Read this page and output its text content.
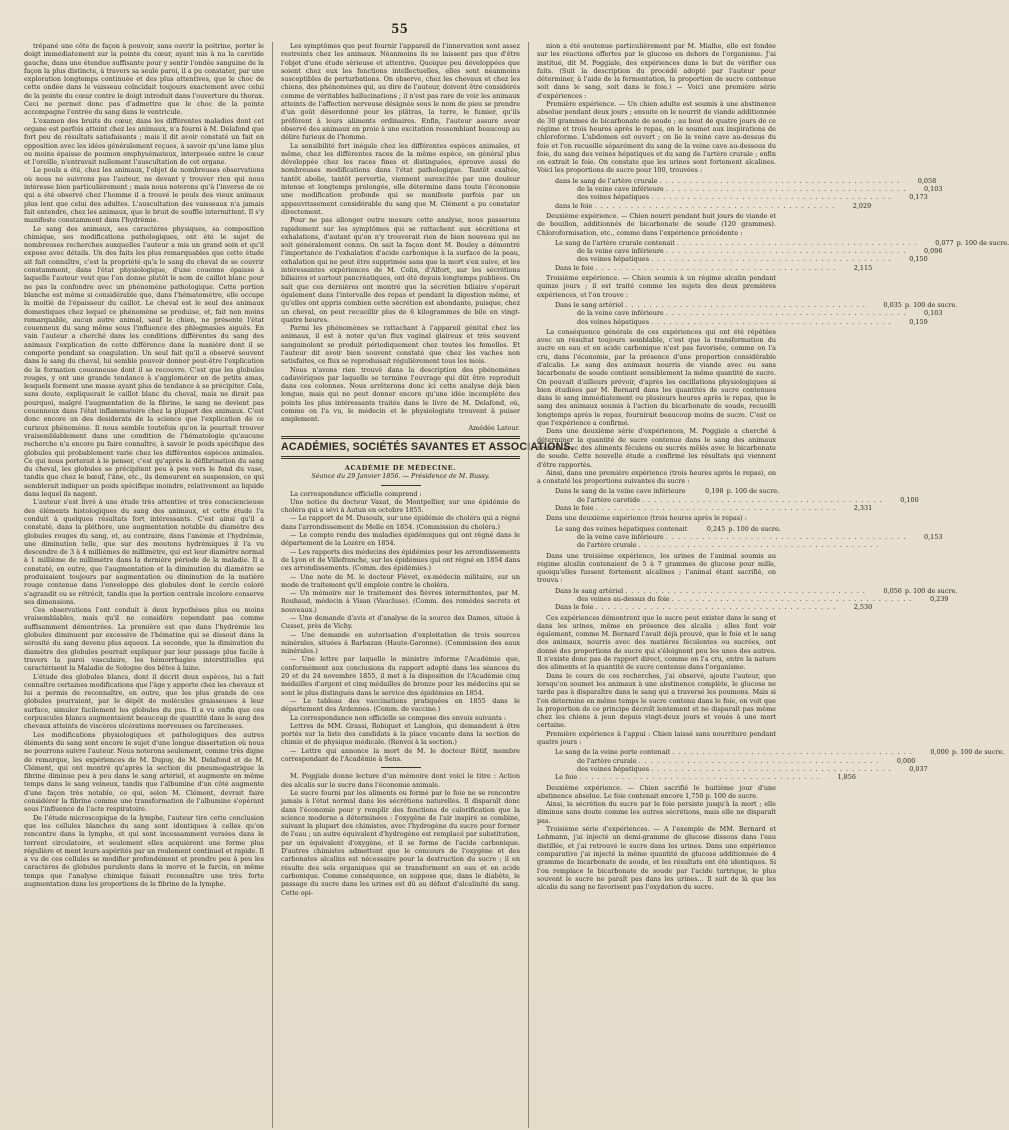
55

trépané une côte de façon à pouvoir, sans ouvrir la poitrine, porter le doigt immédiatement sur la pointe du cœur, ayant mis à nu la carotide gauche, dans une étendue suffisante pour y sentir l'ondée sanguine de la façon la plus distincte, à travers sa seule paroi, il a pu constater, par une exploration longtemps continuée et des plus attentives, que le choc de cette ondée dans le vaisseau coïncidait toujours exactement avec celui de la pointe du cœur contre le doigt introduit dans l'ouverture du thorax. Ceci ne permet donc pas d'admettre que le choc de la pointe accompagne l'entrée du sang dans le ventricule.

L'examen des bruits du cœur, dans les différentes maladies dont cet organe est parfois atteint chez les animaux, n'a fourni à M. Delafond que fort peu de résultats satisfaisants ; mais il dit avoir constaté un fait en opposition avec les idées généralement reçues, à savoir qu'une lame plus ou moins épaisse de poumon emphysémateux, interposée entre le cœur et l'oreille, n'entravait nullement l'auscultation de cet organe.

Le pouls a été, chez les animaux, l'objet de nombreuses observations où nous ne suivrons pas l'auteur, ne devant y trouver rien qui nous intéresse bien particulièrement ; mais nous noterons qu'à l'inverse de ce qui a été observé chez l'homme il a trouvé le pouls des vieux animaux plus lent que celui des adultes. L'auscultation des vaisseaux n'a jamais fait entendre, chez les animaux, que le bruit de souffle intermittent. Il s'y manifeste constamment dans l'hydrémie.

Le sang des animaux, ses caractères physiques, sa composition chimique, ses modifications pathologiques, ont été le sujet de nombreuses recherches auxquelles l'auteur a mis un grand soin et qu'il expose avec détails. Un des faits les plus remarquables que cette étude ait fait connaître, c'est la propriété qu'a le sang du cheval de se couvrir constamment, dans l'état physiologique, d'une couenne épaisse à laquelle l'auteur veut que l'on donne plutôt le nom de caillot blanc pour ne pas la confondre avec un phénomène pathologique. Cette portion blanche est même si considérable que, dans l'hématomètre, elle occupe la moitié de l'épaisseur du caillot. Le cheval est le seul des animaux domestiques chez lequel ce phénomène se produise, et, fait non moins remarquable, aucun autre animal, sauf le chien, ne présente l'état couenneux du sang même sous l'influence des phlegmasies aiguës. En vain l'auteur a cherché dans les conditions différentes du sang des animaux l'explication de cette différence dans la manière dont il se comporte pendant sa coagulation. Un seul fait qu'il a observé souvent dans le sang du cheval, lui semble pouvoir donner peut-être l'explication de la formation couenneuse dont il se recouvre. C'est que les globules rouges, y ont une grande tendance à s'agglomérer en de petits amas, lesquels forment une masse ayant plus de tendance à se précipiter. Cela, sans doute, expliquerait le caillot blanc du cheval, mais ne dirait pas pourquoi, malgré l'augmentation de la fibrine, le sang ne devient pas couenneux dans l'état inflammatoire chez la plupart des animaux. C'est donc encore un des desiderata de la science que l'explication de ce curieux phénomène. Il nous semble toutefois qu'on la pourrait trouver vraisemblablement dans une condition de l'hématologie qu'aucune recherche n'a encore pu faire connaître, à savoir le poids spécifique des globules qui probablement varie chez les différentes espèces animales. Ce qui nous porterait à le penser, c'est qu'après la défibrination du sang du cheval, les globules se précipitent peu à peu vers le fond du vase, tandis que chez le bœuf, l'âne, etc., ils demeurent en suspension, ce qui semblerait indiquer un poids spécifique moindre, relativement au liquide dans lequel ils nagent.

L'auteur s'est livré à une étude très attentive et très consciencieuse des éléments histologiques du sang des animaux, et cette étude l'a conduit à quelques résultats fort intéressants. C'est ainsi qu'il a constaté, dans la pléthore, une augmentation notable du diamètre des globules rouges du sang, et, au contraire, dans l'anémie et l'hydrémie, une diminution telle, que sur des moutons hydrémiques il l'a vu descendre de 3 à 4 millièmes de millimètre, qui est leur diamètre normal à 1 millième de millimètre dans la dernière période de la maladie. Il a constaté, en outre, que l'augmentation et la diminution du diamètre se produisaient toujours par augmentation ou diminution de la matière rouge contenue dans l'enveloppe des globules dont le cercle coloré s'agrandit ou se rétrécit, tandis que la portion centrale incolore conserve ses dimensions.

Ces observations l'ont conduit à deux hypothèses plus ou moins vraisemblables, mais qu'il ne considère cependant pas comme suffisamment démontrées. La première est que dans l'hydrémie les globules diminuent par excessive de l'hématine qui se dissout dans la sérosité du sang devenu plus aqueux. La seconde, que la diminution du diamètre des globules pourrait expliquer par leur passage plus facile à travers la paroi vasculaire, les hémorrhagies interstitielles qui caractérisent la Maladie de Sologne des bêtes à laine.

L'étude des globules blancs, dont il décrit deux espèces, lui a fait connaître certaines modifications que l'âge y apporte chez les chevaux et lui a permis de reconnaître, en outre, que les plus grands de ces globules pourraient, par le dépôt de molécules graisseuses à leur surface, simuler facilement les globules du pus. Il a vu enfin que ces corpuscules blancs augmentaient beaucoup de quantité dans le sang des chevaux atteints de viscères ulcérations morveuses ou farcineuses.

Les modifications physiologiques et pathologiques des autres éléments du sang sont encore le sujet d'une longue dissertation où nous ne pourrons suivre l'auteur. Nous noterons seulement, comme très digne de remarque, les expériences de M. Dupuy, de M. Delafond et de M. Clément, qui ont montré qu'après la section du pneumogastrique la fibrine diminue peu à peu dans le sang artériel, et augmente en même temps dans le sang veineux, tandis que l'albumine d'un côté augmente d'une façon très notable, ce qui, selon M. Clément, devrait faire considérer la fibrine comme une transformation de l'albumine s'opérant sous l'influence de l'acte respiratoire.

De l'étude microscopique de la lymphe, l'auteur tire cette conclusion que les cellules blanches du sang sont identiques à celles qu'on rencontre dans la lymphe, et qui sont incessamment versées dans le torrent circulatoire, et seulement elles acquièrent une forme plus régulière et ment leurs aspérités par un roulement continuel et rapide. Il a vu de ces cellules se modifier profondément et prendre peu à peu les caractères de globules purulents dans la morve et le farcin, en même temps que l'analyse chimique faisait reconnaître une très forte augmentation dans les proportions de la fibrine de la lymphe.

Les symptômes que peut fournir l'appareil de l'innervation sont assez restreints chez les animaux. Néanmoins ils ne laissent pas que d'être l'objet d'une étude sérieuse et attentive. Quoique peu développées que soient chez eux les fonctions intellectuelles, elles sont néanmoins susceptibles de perturbations. On observe, chez les chevaux et chez les chiens, des phénomènes qui, au dire de l'auteur, doivent être considérés comme de véritables hallucinations ; il n'est pas rare de voir les animaux atteints de l'affection nerveuse désignée sous le nom de pieu se prendre d'un goût désordonné pour les plâtras, la terre, le fumier, qu'ils préfèrent à leurs aliments ordinaires. Enfin, l'auteur assure avoir observé des animaux en proie à une excitation ressemblant beaucoup au délire furieux de l'homme.

La sensibilité fort inégale chez les différentes espèces animales, et même, chez les différentes races de la même espèce, en général plus développée chez les races fines et distinguées, éprouve aussi de nombreuses modifications dans l'état pathologique. Tantôt exaltée, tantôt abolie, tantôt pervertie, viennent surexcitée par une douleur intense et longtemps prolongée, elle détermine dans toute l'économie une modification profonde qui se manifeste parfois par un appauvrissement considérable du sang que M. Clément a pu constater directement.

Pour ne pas allonger outre mesure cette analyse, nous passerons rapidement sur les symptômes qui se rattachent aux sécrétions et exhalations, d'autant qu'on n'y trouverait rien de bien nouveau qui ne soit généralement connu. On sait la façon dont M. Bouley a démontré l'importance de l'exhalation d'acide carbonique à la surface de la peau, exhalation qui ne peut être supprimée sans que la mort s'en suive, et les intéressantes expériences de M. Colin, d'Alfort, sur les sécrétions biliaires et surtout pancréatiques, ont été depuis longtemps publiées. On sait que ces dernières ont montré que la sécrétion biliaire s'opérait également dans l'intervalle des repas et pendant la digestion même, et qu'elles ont appris combien cette sécrétion est abondante, puisque, chez un cheval, on peut recueillir plus de 6 kilogrammes de bile en vingt-quatre heures.

Parmi les phénomènes se rattachant à l'appareil génital chez les animaux, il est à noter qu'un flux vaginal glaireux et très souvent sanguinolent se produit périodiquement chez toutes les femelles. Et l'auteur dit avoir bien souvent constaté que chez les vaches non satisfaites, ce flux se reproduisait régulièrement tous les mois.

Nous n'avons rien trouvé dans la description des phénomènes cadavériques par laquelle se termine l'ouvrage qui dût être reproduit dans ces colonnes. Nous arrêterons donc ici cette analyse déjà bien longue, mais qui ne peut donner encore qu'une idée incomplète des points les plus intéressants traités dans le livre de M. Delafond, où, comme on l'a vu, le médecin et le physiologiste trouvent à puiser amplement.

Amédée Latour.

ACADÉMIES, SOCIÉTÉS SAVANTES ET ASSOCIATIONS.
ACADÉMIE DE MÉDECINE.
Séance du 29 Janvier 1856. — Présidence de M. Bussy.

La correspondance officielle comprend :

Une notice du docteur Vaxat, de Montpellier, sur une épidémie de choléra qui a sévi à Autun en octobre 1855.

— Le rapport de M. Dusoulx, sur une épidémie de choléra qui a régné dans l'arrondissement de Melle en 1854. (Commission du choléra.)

— Le compte rendu des maladies épidémiques qui ont régné dans le département de la Lozère en 1854.

— Les rapports des médecins des épidémies pour les arrondissements de Lyon et de Villefranche, sur les épidémies qui ont régné en 1854 dans ces arrondissements. (Comm. des épidémies.)

— Une note de M. le docteur Fièvet, ex-médecin militaire, sur un mode de traitement qu'il emploie contre le choléra.

— Un mémoire sur le traitement des fièvres intermittentes, par M. Rouhaud, médecin à Visan (Vaucluse). (Comm. des remèdes secrets et nouveaux.)

— Une demande d'avis et d'analyse de la source des Dames, située à Cusset, près de Vichy.

— Une demande en autorisation d'exploitation de trois sources minérales, situées à Barbazan (Haute-Garonne). (Commission des eaux minérales.)

— Une lettre par laquelle le ministre informe l'Académie que, conformément aux conclusions du rapport adopté dans les séances du 20 et du 24 novembre 1855, il met à la disposition de l'Académie cinq médailles d'argent et cinq médailles de bronze pour les médecins qui se sont le plus distingués dans le service des épidémies en 1854.

— Le tableau des vaccinations pratiquées en 1855 dans le département des Ardennes. (Comm. de vaccine.)

La correspondance non officielle se compose des envois suivants :

Lettres de MM. Grassi, Robiquet et Langlois, qui demandent à être portés sur la liste des candidats à la place vacante dans la section de chimie et de physique médicale. (Renvoi à la section.)

— Lettre qui annonce la mort de M. le docteur Rétif, membre correspondant de l'Académie à Sens.

M. Poggiale donne lecture d'un mémoire dont voici le titre : Action des alcalis sur le sucre dans l'économie animale.

Le sucre fourni par les aliments ou formé par le foie ne se rencontre jamais à l'état normal dans les sécrétions naturelles. Il disparaît donc dans l'économie pour y remplir des fonctions de calorification que la science moderne a déterminées : l'oxygène de l'air inspiré se combine, suivant la plupart des chimistes, avec l'hydrogène du sucre pour former de l'eau ; un autre équivalent d'hydrogène est remplacé par substitution, par un équivalent d'oxygène, et il se forme de l'acide carbonique. D'autres chimistes admettent que le concours de l'oxygène et des carbonates alcalins est nécessaire pour la destruction du sucre ; il en résulte des sels organiques qui se transforment en eau et en acide carbonique. Comme conséquence, on suppose que, dans le diabète, le passage du sucre dans les urines est dû au défaut d'alcalinité du sang. Cette opi-

nion a été soutenue particulièrement par M. Mialhe, elle est fondée sur les réactions offertes par le glucose en dehors de l'organisme. J'ai institué, dit M. Poggiale, des expériences dans le but de vérifier ces faits. (Suit la description du procédé adopté par l'auteur pour déterminer, à l'aide de la fermentation, la proportion de sucre contenue soit dans le sang, soit dans le foie.) — Voici une première série d'expériences :

Première expérience. — Un chien adulte est soumis à une abstinence absolue pendant deux jours ; ensuite on le nourrit de viande additionnée de 30 grammes de bicarbonate de soude ; au bout de quatre jours de ce régime et trois heures après le repas, on le soumet aux inspirations de chloroforme. L'abdomen est ouvert ; on lie la veine cave au-dessus du foie et l'on recueille séparément du sang de la veine cave au-dessous du foie, du sang des veines hépatiques et du sang de l'artère crurale ; enfin on extrait le foie. On constate que les urines sont fortement alcalines. Voici les proportions de sucre pour 100, trouvées :

dans le sang de l'artère crurale . . .	0,058
de la veine cave inférieure . . .	0,103
des veines hépatiques . . .	0,173
dans le foie . . .	2,029

Deuxième expérience. — Chien nourri pendant huit jours de viande et de bouillon, additionnés de bicarbonate de soude (120 grammes). Chloroformisation, etc., comme dans l'expérience précédente :

Le sang de l'artère crurale contenait . . .	0,077 p. 100 de sucre.
de la veine cave inférieure . . .	0,096
des veines hépatiques . . .	0,150
Dans le foie . . .	2,115

Troisième expérience. — Chien soumis à un régime alcalin pendant quinze jours ; il est traité comme les sujets des deux premières expériences, et l'on trouve :

Dans le sang artériel . . .	0,035 p. 100 de sucre.
de la veine cave inférieure . . .	0,103
des veines hépatiques . . .	0,159

La conséquence générale de ces expériences qui ont été répétées avec un résultat toujours semblable, c'est que la transformation du sucre en eau et en acide carbonique n'est pas favorisée, comme on l'a cru, dans l'économie, par la présence d'une proportion considérable d'alcalis. Le sang des animaux nourris de viande avec ou sans bicarbonate de soude contient sensiblement la même quantité de sucre. On pouvait d'ailleurs prévoir, d'après les oscillations physiologiques si bien étudiées par M. Bernard dans les quantités de sucre contenues dans le sang immédiatement ou plusieurs heures après le repas, que le sang des animaux soumis à l'action du bicarbonate de soude, recueilli longtemps après le repas, fournirait beaucoup moins de sucre. C'est ce que l'expérience a confirmé.

Dans une deuxième série d'expériences, M. Poggiale a cherché à déterminer la quantité de sucre contenue dans le sang des animaux nourris avec des aliments féculens ou sucrés mêlés avec le bicarbonate de soude. Cette nouvelle étude a confirmé les résultats qui viennent d'être rapportés.

Ainsi, dans une première expérience (trois heures après le repas), on a constaté les proportions suivantes du sucre :

Dans le sang de la veine cave inférieure	0,198 p. 100 de sucre.
de l'artère carotide . . .	0,100
Dans le foie . . .	2,331

Dans une deuxième expérience (trois heures après le repas) :

Le sang des veines hépatiques contenait	0,245 p. 100 de sucre.
de la veine cave inférieure . . .	0,153
de l'artère crurale
. . .

Dans une troisième expérience, les urines de l'animal soumis au régime alcalin contenaient de 5 à 7 grammes de glucose pour mille, quoiqu'elles fussent fortement alcalines ; l'animal étant sacrifié, on trouva :

Dans le sang artériel . . .	0,056 p. 100 de sucre.
des veines au-dessus du foie . . .	0,239
Dans le foie . . .	2,530

Ces expériences démontrent que le sucre peut exister dans le sang et dans les urines, même en présence des alcalis ; elles font voir également, comme M. Bernard l'avait déjà prouvé, que le foie et le sang des animaux, nourris avec des matières féculentes ou sucrées, ont donné des proportions de sucre qui s'éloignent peu les unes des autres. Il n'existe donc pas de rapport direct, comme on l'a cru, entre la nature des aliments et la quantité de sucre contenue dans l'organisme.

Dans le cours de ces recherches, j'ai observé, ajoute l'auteur, que lorsqu'on soumet les animaux à une abstinence complète, le glucose ne tarde pas à disparaître dans le sang qui a traversé les poumons. Mais si l'on détermine en même temps le sucre contenu dans le foie, on voit que la proportion de ce principe décroît lentement et ne disparaît pas même chez les chiens à jeun depuis vingt-deux jours et voués à une mort certaine.

Première expérience à l'appui : Chien laissé sans nourriture pendant quatre jours :

Le sang de la veine porte contenait . . .	0,000 p. 100 de sucre.
de l'artère crurale . . .	0,000
des veines hépatiques . . .	0,037
Le foie . . .	1,856

Deuxième expérience. — Chien sacrifié le huitième jour d'une abstinence absolue. Le foie contenait encore 1,750 p. 100 de sucre.

Ainsi, la sécrétion du sucre par le foie persiste jusqu'à la mort ; elle diminue sans doute comme les autres sécrétions, mais elle ne disparaît pas.

Troisième série d'expériences. — A l'exemple de MM. Bernard et Lehmann, j'ai injecté un demi-gramme de glucose dissous dans l'eau distillée, et j'ai retrouvé le sucre dans les urines. Dans une expérience comparative j'ai injecté la même quantité de glucose additionnée de 4 gramme de bicarbonate de soude, et les résultats ont été identiques. Si l'on remplace le bicarbonate de soude par l'acide tartrique, le plus souvent le sucre ne paraît pas dans les urines... Il suit de là que les alcalis du sang ne favorisent pas l'oxydation du sucre.
